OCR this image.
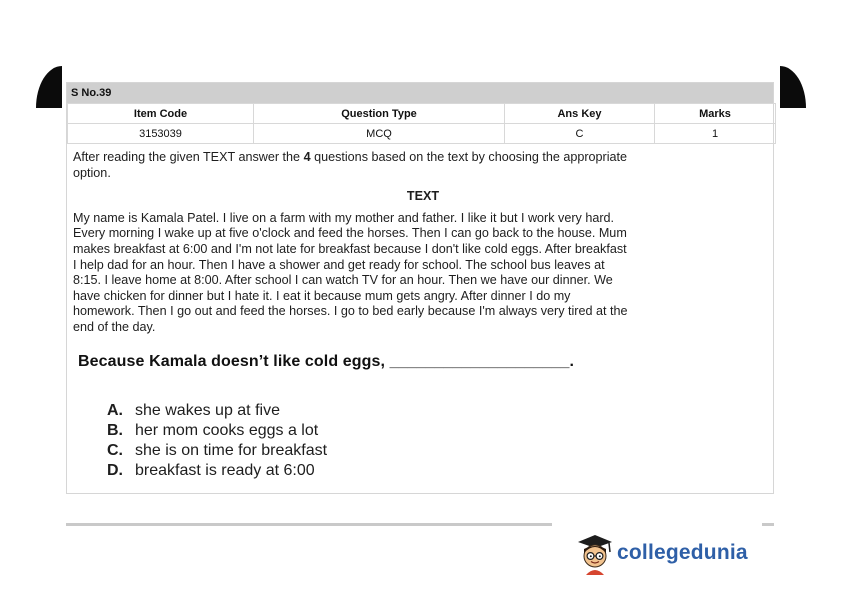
S No.39
Item Code	Question Type	Ans Key	Marks
3153039	MCQ	C	1
After reading the given TEXT answer the 4 questions based on the text by choosing the appropriate option.
TEXT

My name is Kamala Patel. I live on a farm with my mother and father. I like it but I work very hard. Every morning I wake up at five o'clock and feed the horses. Then I can go back to the house. Mum makes breakfast at 6:00 and I'm not late for breakfast because I don't like cold eggs. After breakfast I help dad for an hour. Then I have a shower and get ready for school. The school bus leaves at 8:15. I leave home at 8:00. After school I can watch TV for an hour. Then we have our dinner. We have chicken for dinner but I hate it. I eat it because mum gets angry. After dinner I do my homework. Then I go out and feed the horses. I go to bed early because I'm always very tired at the end of the day.

Because Kamala doesn’t like cold eggs, ____________________.
A. she wakes up at five
B. her mom cooks eggs a lot
C. she is on time for breakfast
D. breakfast is ready at 6:00
collegedunia
